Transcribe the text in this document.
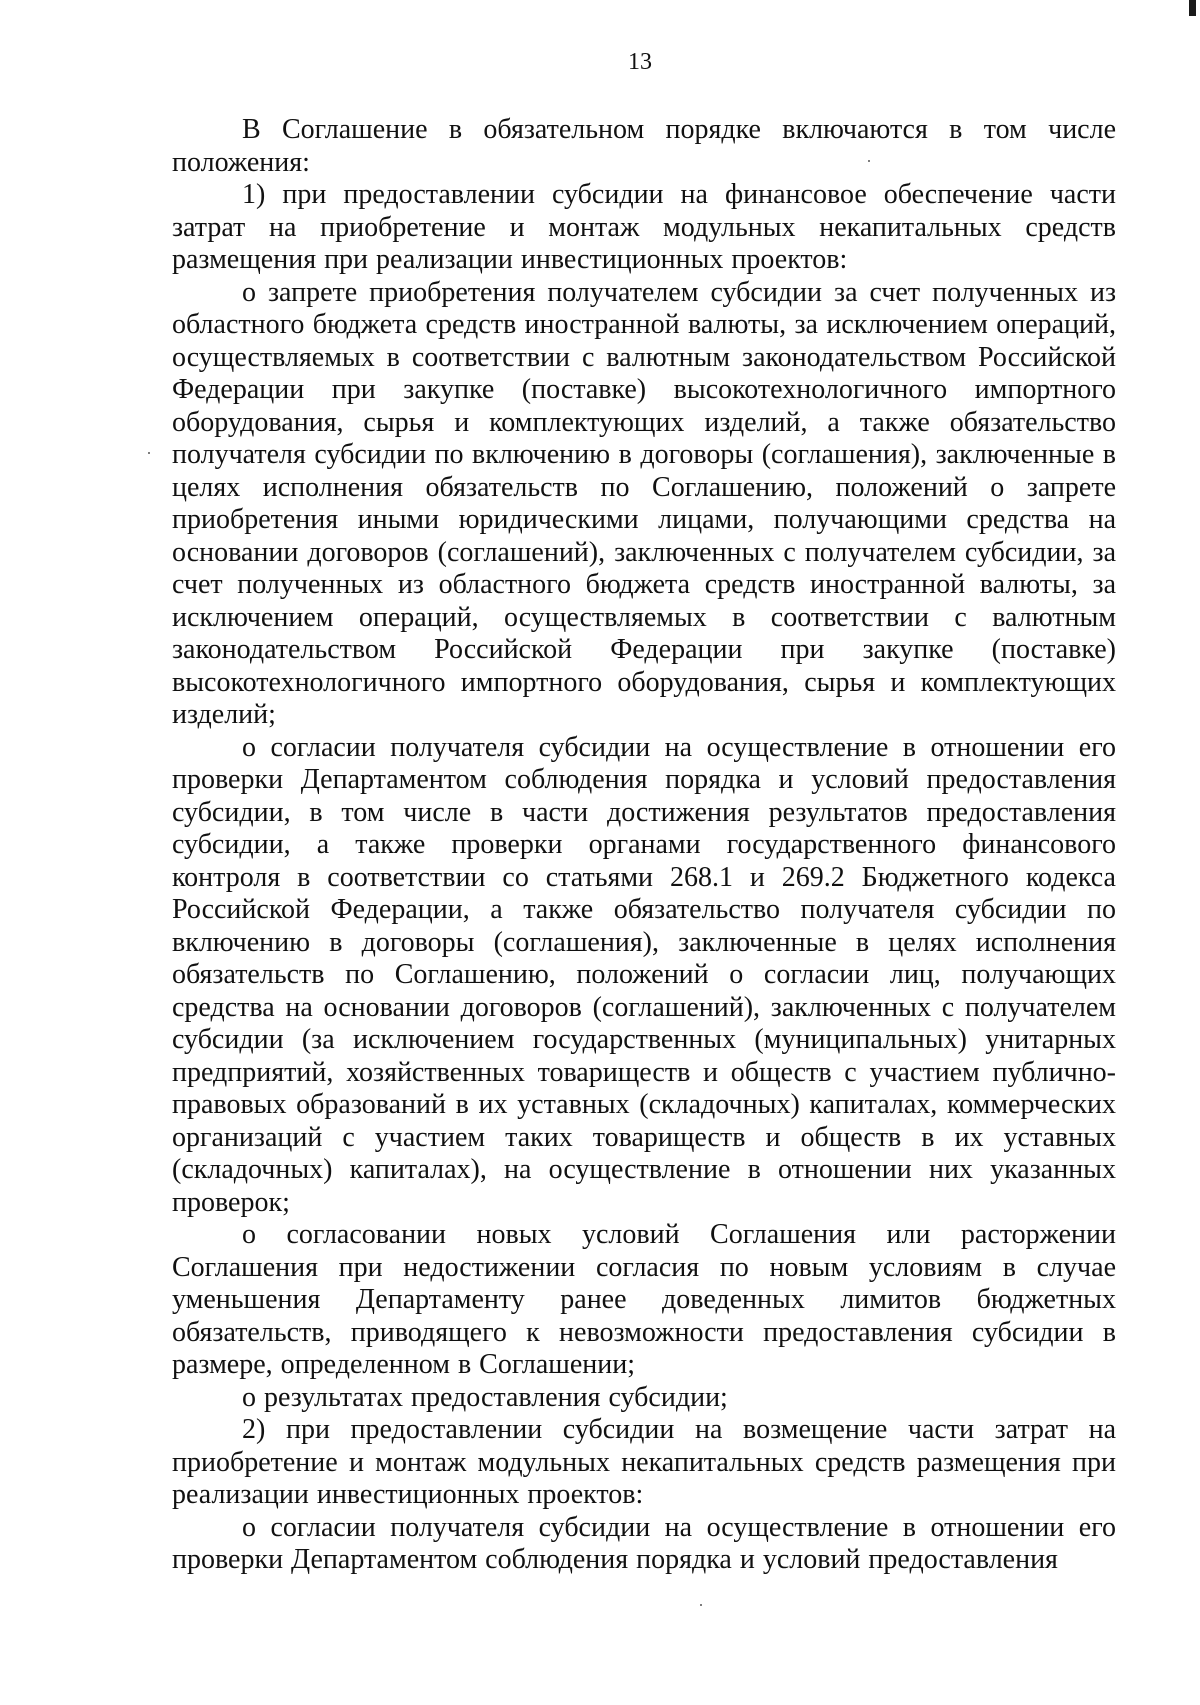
13

В Соглашение в обязательном порядке включаются в том числе положения:

1) при предоставлении субсидии на финансовое обеспечение части затрат на приобретение и монтаж модульных некапитальных средств размещения при реализации инвестиционных проектов:

о запрете приобретения получателем субсидии за счет полученных из областного бюджета средств иностранной валюты, за исключением операций, осуществляемых в соответствии с валютным законодательством Российской Федерации при закупке (поставке) высокотехнологичного импортного оборудования, сырья и комплектующих изделий, а также обязательство получателя субсидии по включению в договоры (соглашения), заключенные в целях исполнения обязательств по Соглашению, положений о запрете приобретения иными юридическими лицами, получающими средства на основании договоров (соглашений), заключенных с получателем субсидии, за счет полученных из областного бюджета средств иностранной валюты, за исключением операций, осуществляемых в соответствии с валютным законодательством Российской Федерации при закупке (поставке) высокотехнологичного импортного оборудования, сырья и комплектующих изделий;

о согласии получателя субсидии на осуществление в отношении его проверки Департаментом соблюдения порядка и условий предоставления субсидии, в том числе в части достижения результатов предоставления субсидии, а также проверки органами государственного финансового контроля в соответствии со статьями 268.1 и 269.2 Бюджетного кодекса Российской Федерации, а также обязательство получателя субсидии по включению в договоры (соглашения), заключенные в целях исполнения обязательств по Соглашению, положений о согласии лиц, получающих средства на основании договоров (соглашений), заключенных с получателем субсидии (за исключением государственных (муниципальных) унитарных предприятий, хозяйственных товариществ и обществ с участием публично-правовых образований в их уставных (складочных) капиталах, коммерческих организаций с участием таких товариществ и обществ в их уставных (складочных) капиталах), на осуществление в отношении них указанных проверок;

о согласовании новых условий Соглашения или расторжении Соглашения при недостижении согласия по новым условиям в случае уменьшения Департаменту ранее доведенных лимитов бюджетных обязательств, приводящего к невозможности предоставления субсидии в размере, определенном в Соглашении;

о результатах предоставления субсидии;

2) при предоставлении субсидии на возмещение части затрат на приобретение и монтаж модульных некапитальных средств размещения при реализации инвестиционных проектов:

о согласии получателя субсидии на осуществление в отношении его проверки Департаментом соблюдения порядка и условий предоставления
